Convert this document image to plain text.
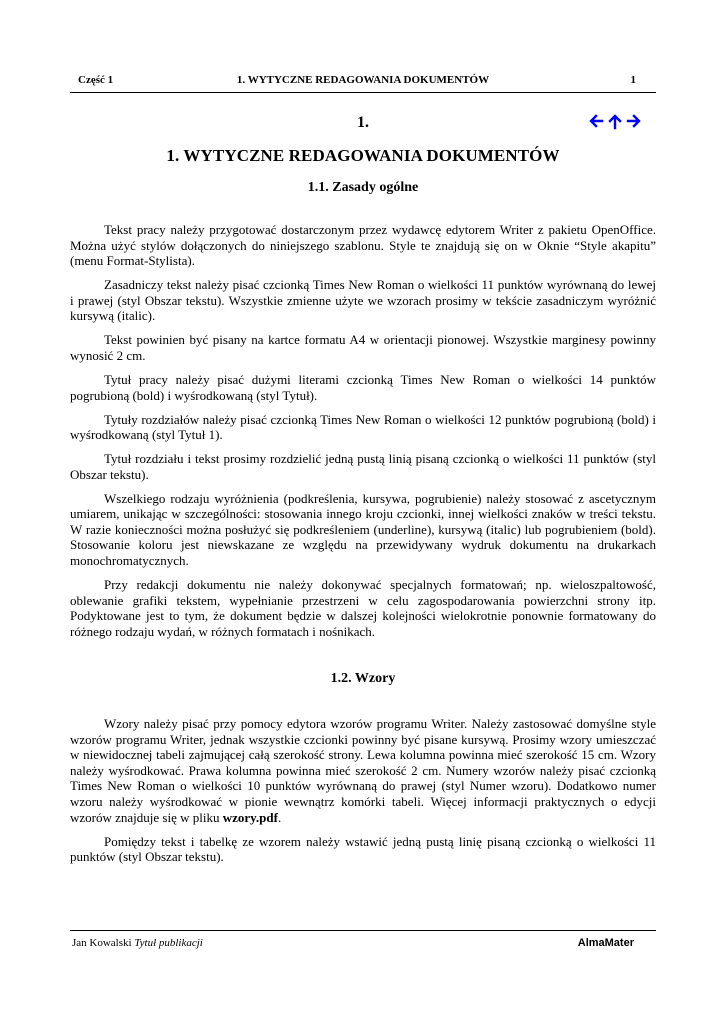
Część 1	1. WYTYCZNE REDAGOWANIA DOKUMENTÓW	1
1.
1. WYTYCZNE REDAGOWANIA DOKUMENTÓW
1.1. Zasady ogólne

Tekst pracy należy przygotować dostarczonym przez wydawcę edytorem Writer z pakietu OpenOffice. Można użyć stylów dołączonych do niniejszego szablonu. Style te znajdują się on w Oknie “Style akapitu” (menu Format-Stylista).

Zasadniczy tekst należy pisać czcionką Times New Roman o wielkości 11 punktów wyrównaną do lewej i prawej (styl Obszar tekstu). Wszystkie zmienne użyte we wzorach prosimy w tekście zasadniczym wyróżnić kursywą (italic).

Tekst powinien być pisany na kartce formatu A4 w orientacji pionowej. Wszystkie marginesy powinny wynosić 2 cm.

Tytuł pracy należy pisać dużymi literami czcionką Times New Roman o wielkości 14 punktów pogrubioną (bold) i wyśrodkowaną (styl Tytuł).

Tytuły rozdziałów należy pisać czcionką Times New Roman o wielkości 12 punktów pogrubioną (bold) i wyśrodkowaną (styl Tytuł 1).

Tytuł rozdziału i tekst prosimy rozdzielić jedną pustą linią pisaną czcionką o wielkości 11 punktów (styl Obszar tekstu).

Wszelkiego rodzaju wyróżnienia (podkreślenia, kursywa, pogrubienie) należy stosować z ascetycznym umiarem, unikając w szczególności: stosowania innego kroju czcionki, innej wielkości znaków w treści tekstu. W razie konieczności można posłużyć się podkreśleniem (underline), kursywą (italic) lub pogrubieniem (bold). Stosowanie koloru jest niewskazane ze względu na przewidywany wydruk dokumentu na drukarkach monochromatycznych.

Przy redakcji dokumentu nie należy dokonywać specjalnych formatowań; np. wieloszpaltowość, oblewanie grafiki tekstem, wypełnianie przestrzeni w celu zagospodarowania powierzchni strony itp. Podyktowane jest to tym, że dokument będzie w dalszej kolejności wielokrotnie ponownie formatowany do różnego rodzaju wydań, w różnych formatach i nośnikach.

1.2. Wzory

Wzory należy pisać przy pomocy edytora wzorów programu Writer. Należy zastosować domyślne style wzorów programu Writer, jednak wszystkie czcionki powinny być pisane kursywą. Prosimy wzory umieszczać w niewidocznej tabeli zajmującej całą szerokość strony. Lewa kolumna powinna mieć szerokość 15 cm. Wzory należy wyśrodkować. Prawa kolumna powinna mieć szerokość 2 cm. Numery wzorów należy pisać czcionką Times New Roman o wielkości 10 punktów wyrównaną do prawej (styl Numer wzoru). Dodatkowo numer wzoru należy wyśrodkować w pionie wewnątrz komórki tabeli. Więcej informacji praktycznych o edycji wzorów znajduje się w pliku wzory.pdf.

Pomiędzy tekst i tabelkę ze wzorem należy wstawić jedną pustą linię pisaną czcionką o wielkości 11 punktów (styl Obszar tekstu).

Jan Kowalski Tytuł publikacji	AlmaMater
